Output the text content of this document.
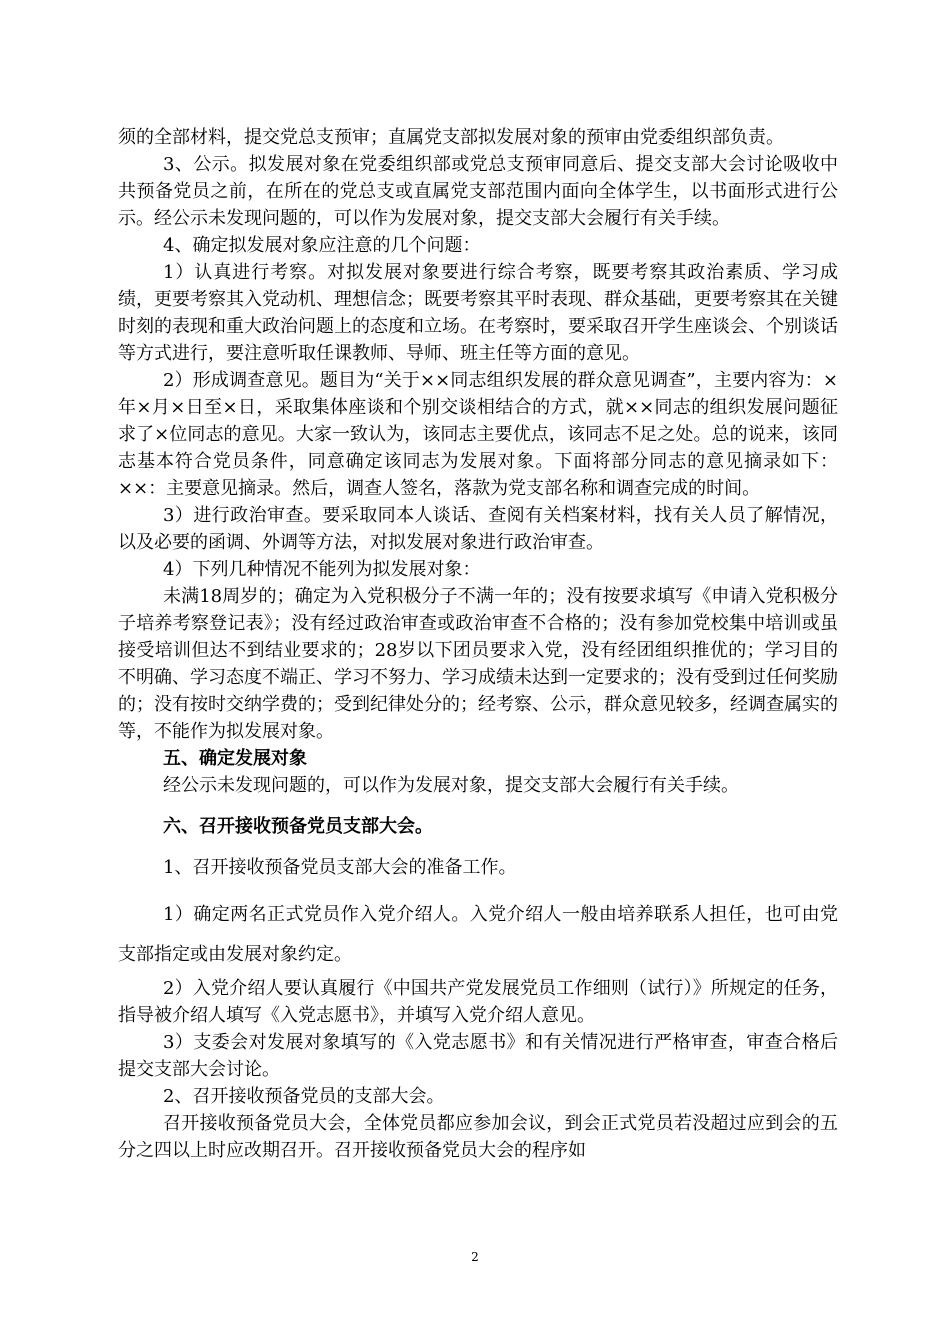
须的全部材料，提交党总支预审；直属党支部拟发展对象的预审由党委组织部负责。

3、公示。拟发展对象在党委组织部或党总支预审同意后、提交支部大会讨论吸收中共预备党员之前，在所在的党总支或直属党支部范围内面向全体学生，以书面形式进行公示。经公示未发现问题的，可以作为发展对象，提交支部大会履行有关手续。

4、确定拟发展对象应注意的几个问题：

1）认真进行考察。对拟发展对象要进行综合考察，既要考察其政治素质、学习成绩，更要考察其入党动机、理想信念；既要考察其平时表现、群众基础，更要考察其在关键时刻的表现和重大政治问题上的态度和立场。在考察时，要采取召开学生座谈会、个别谈话等方式进行，要注意听取任课教师、导师、班主任等方面的意见。

2）形成调查意见。题目为“关于××同志组织发展的群众意见调查”，主要内容为：×年×月×日至×日，采取集体座谈和个别交谈相结合的方式，就××同志的组织发展问题征求了×位同志的意见。大家一致认为，该同志主要优点，该同志不足之处。总的说来，该同志基本符合党员条件，同意确定该同志为发展对象。下面将部分同志的意见摘录如下：××：主要意见摘录。然后，调查人签名，落款为党支部名称和调查完成的时间。

3）进行政治审查。要采取同本人谈话、查阅有关档案材料，找有关人员了解情况，以及必要的函调、外调等方法，对拟发展对象进行政治审查。

4）下列几种情况不能列为拟发展对象：

未满18周岁的；确定为入党积极分子不满一年的；没有按要求填写《申请入党积极分子培养考察登记表》；没有经过政治审查或政治审查不合格的；没有参加党校集中培训或虽接受培训但达不到结业要求的；28岁以下团员要求入党，没有经团组织推优的；学习目的不明确、学习态度不端正、学习不努力、学习成绩未达到一定要求的；没有受到过任何奖励的；没有按时交纳学费的；受到纪律处分的；经考察、公示，群众意见较多，经调查属实的等，不能作为拟发展对象。

五、确定发展对象

经公示未发现问题的，可以作为发展对象，提交支部大会履行有关手续。

六、召开接收预备党员支部大会。

1、召开接收预备党员支部大会的准备工作。

1）确定两名正式党员作入党介绍人。入党介绍人一般由培养联系人担任，也可由党支部指定或由发展对象约定。

2）入党介绍人要认真履行《中国共产党发展党员工作细则（试行）》所规定的任务，指导被介绍人填写《入党志愿书》，并填写入党介绍人意见。

3）支委会对发展对象填写的《入党志愿书》和有关情况进行严格审查，审查合格后提交支部大会讨论。

2、召开接收预备党员的支部大会。

召开接收预备党员大会，全体党员都应参加会议，到会正式党员若没超过应到会的五分之四以上时应改期召开。召开接收预备党员大会的程序如

2
